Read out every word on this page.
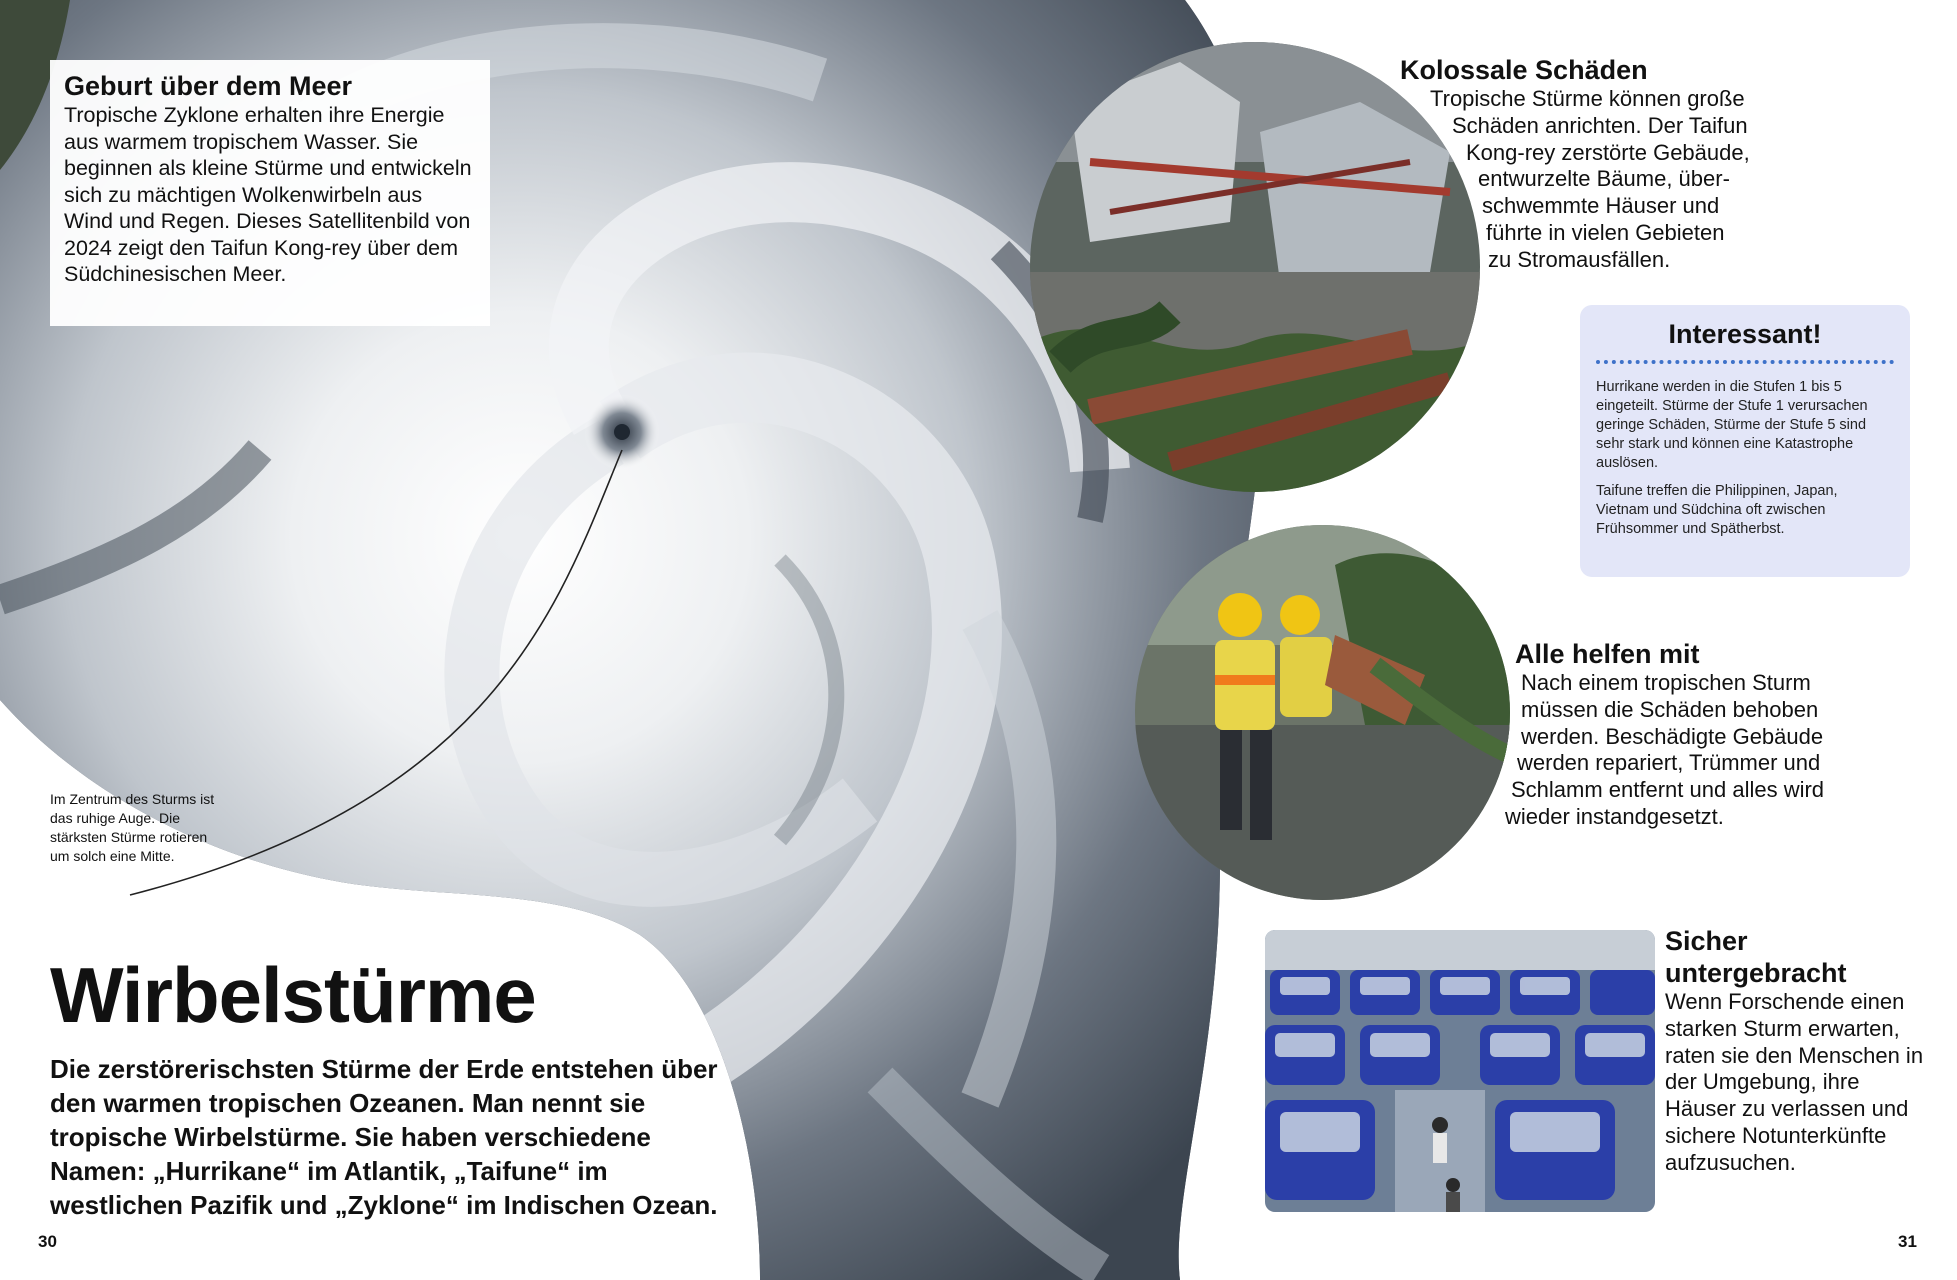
Geburt über dem Meer

Tropische Zyklone erhalten ihre Energie aus warmem tropischem Wasser. Sie beginnen als kleine Stürme und entwickeln sich zu mächtigen Wolkenwirbeln aus Wind und Regen. Dieses Satellitenbild von 2024 zeigt den Taifun Kong-rey über dem Südchinesischen Meer.

Im Zentrum des Sturms ist das ruhige Auge. Die stärksten Stürme rotieren um solch eine Mitte.
Wirbelstürme
Die zerstörerischsten Stürme der Erde entstehen über den warmen tropischen Ozeanen. Man nennt sie tropische Wirbelstürme. Sie haben verschiedene Namen: „Hurrikane“ im Atlantik, „Taifune“ im westlichen Pazifik und „Zyklone“ im Indischen Ozean.
30	31
Kolossale Schäden
Tropische Stürme können große
Schäden anrichten. Der Taifun
Kong-rey zerstörte Gebäude,
entwurzelte Bäume, über-
schwemmte Häuser und
führte in vielen Gebieten
zu Stromausfällen.
Interessant!

Hurrikane werden in die Stufen 1 bis 5 eingeteilt. Stürme der Stufe 1 verursachen geringe Schäden, Stürme der Stufe 5 sind sehr stark und können eine Katastrophe auslösen.

Taifune treffen die Philippinen, Japan, Vietnam und Südchina oft zwischen Frühsommer und Spätherbst.

Alle helfen mit
Nach einem tropischen Sturm
müssen die Schäden behoben
werden. Beschädigte Gebäude
werden repariert, Trümmer und
Schlamm entfernt und alles wird
wieder instandgesetzt.
Sicher untergebracht
Wenn Forschende einen starken Sturm erwarten, raten sie den Menschen in der Umgebung, ihre Häuser zu verlassen und sichere Notunterkünfte aufzusuchen.
